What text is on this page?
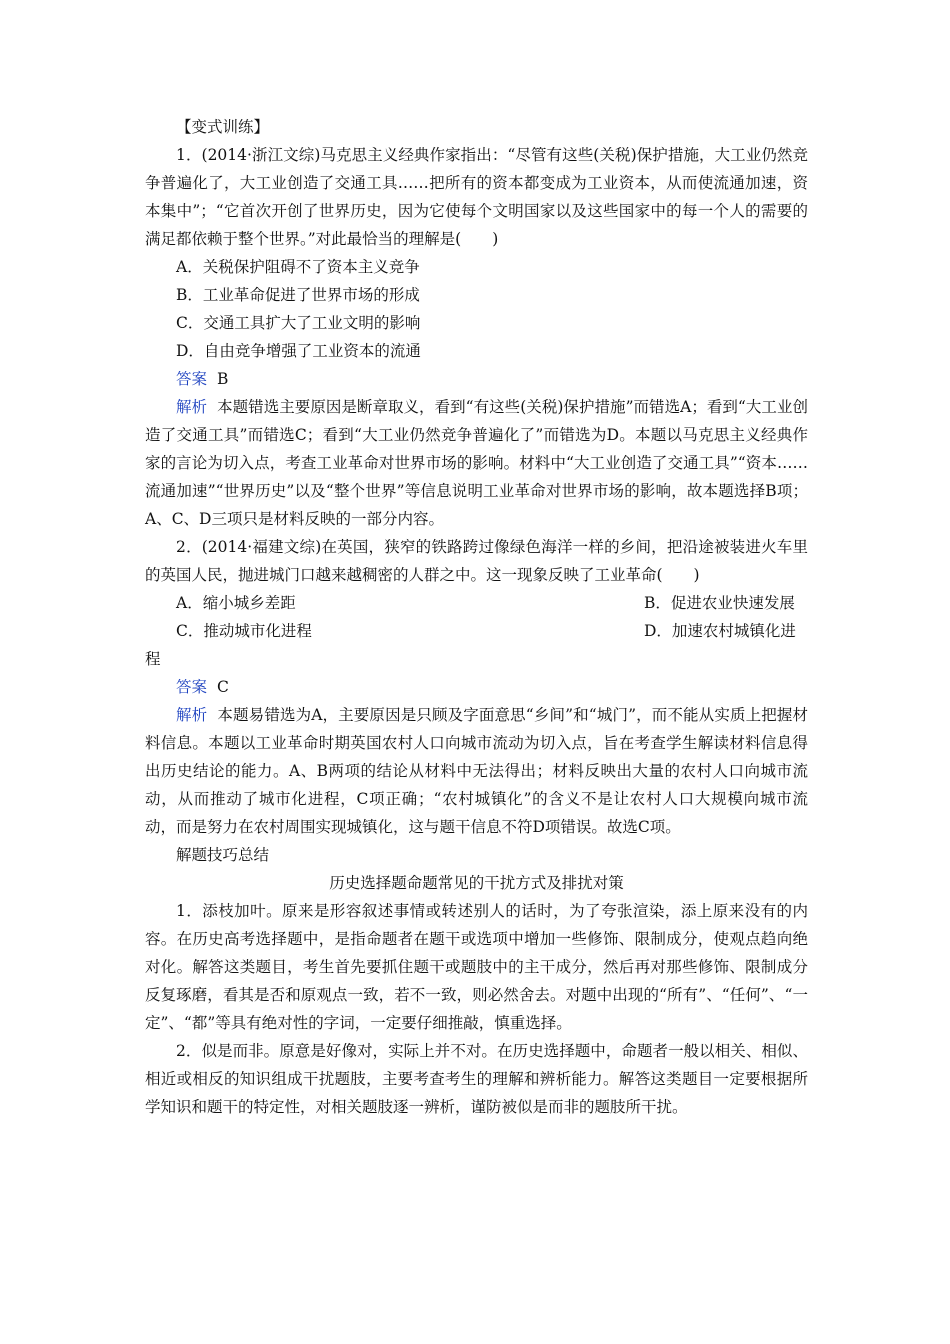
【变式训练】
1．(2014·浙江文综)马克思主义经典作家指出：“尽管有这些(关税)保护措施，大工业仍然竞争普遍化了，大工业创造了交通工具……把所有的资本都变成为工业资本，从而使流通加速，资本集中”；“它首次开创了世界历史，因为它使每个文明国家以及这些国家中的每一个人的需要的满足都依赖于整个世界。”对此最恰当的理解是(　　)
A．关税保护阻碍不了资本主义竞争
B．工业革命促进了世界市场的形成
C．交通工具扩大了工业文明的影响
D．自由竞争增强了工业资本的流通
答案 B
解析 本题错选主要原因是断章取义，看到“有这些(关税)保护措施”而错选A；看到“大工业创造了交通工具”而错选C；看到“大工业仍然竞争普遍化了”而错选为D。本题以马克思主义经典作家的言论为切入点，考查工业革命对世界市场的影响。材料中“大工业创造了交通工具”“资本……流通加速”“世界历史”以及“整个世界”等信息说明工业革命对世界市场的影响，故本题选择B项；A、C、D三项只是材料反映的一部分内容。
2．(2014·福建文综)在英国，狭窄的铁路跨过像绿色海洋一样的乡间，把沿途被装进火车里的英国人民，抛进城门口越来越稠密的人群之中。这一现象反映了工业革命(　　)
A．缩小城乡差距	B．促进农业快速发展
C．推动城市化进程	D．加速农村城镇化进
程
答案 C
解析 本题易错选为A，主要原因是只顾及字面意思“乡间”和“城门”，而不能从实质上把握材料信息。本题以工业革命时期英国农村人口向城市流动为切入点，旨在考查学生解读材料信息得出历史结论的能力。A、B两项的结论从材料中无法得出；材料反映出大量的农村人口向城市流动，从而推动了城市化进程，C项正确；“农村城镇化”的含义不是让农村人口大规模向城市流动，而是努力在农村周围实现城镇化，这与题干信息不符D项错误。故选C项。
解题技巧总结
历史选择题命题常见的干扰方式及排扰对策
1．添枝加叶。原来是形容叙述事情或转述别人的话时，为了夸张渲染，添上原来没有的内容。在历史高考选择题中，是指命题者在题干或选项中增加一些修饰、限制成分，使观点趋向绝对化。解答这类题目，考生首先要抓住题干或题肢中的主干成分，然后再对那些修饰、限制成分反复琢磨，看其是否和原观点一致，若不一致，则必然舍去。对题中出现的“所有”、“任何”、“一定”、“都”等具有绝对性的字词，一定要仔细推敲，慎重选择。
2．似是而非。原意是好像对，实际上并不对。在历史选择题中，命题者一般以相关、相似、相近或相反的知识组成干扰题肢，主要考查考生的理解和辨析能力。解答这类题目一定要根据所学知识和题干的特定性，对相关题肢逐一辨析，谨防被似是而非的题肢所干扰。
